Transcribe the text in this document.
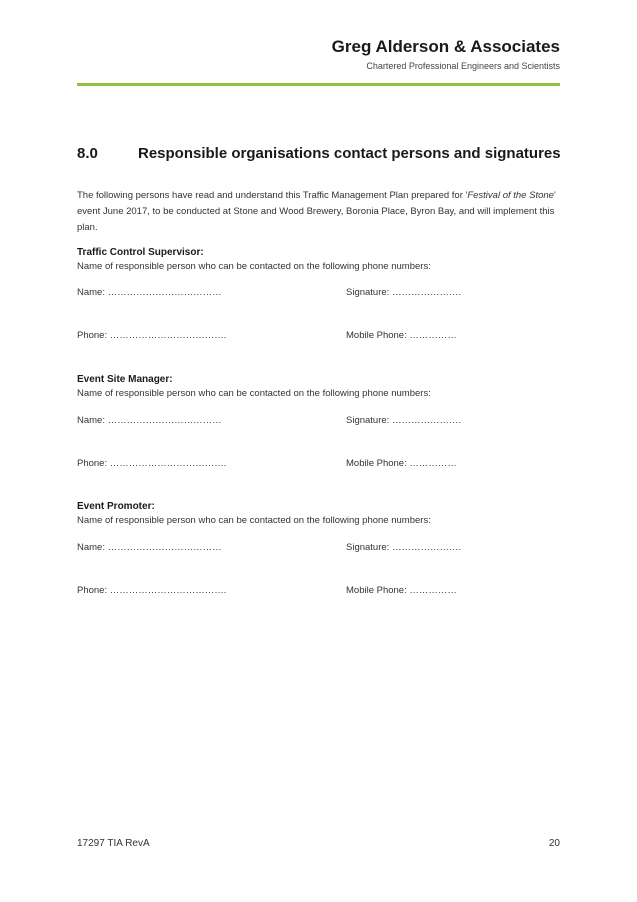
Greg Alderson & Associates
Chartered Professional Engineers and Scientists
8.0	Responsible organisations contact persons and signatures
The following persons have read and understand this Traffic Management Plan prepared for 'Festival of the Stone' event June 2017, to be conducted at Stone and Wood Brewery, Boronia Place, Byron Bay, and will implement this plan.
Traffic Control Supervisor:
Name of responsible person who can be contacted on the following phone numbers:
Name: ………………………………	Signature: ………………….
Phone: ……………………………….	Mobile Phone: ……………
Event Site Manager:
Name of responsible person who can be contacted on the following phone numbers:
Name: ………………………………	Signature: ………………….
Phone: ……………………………….	Mobile Phone: ……………
Event Promoter:
Name of responsible person who can be contacted on the following phone numbers:
Name: ………………………………	Signature: ………………….
Phone: ……………………………….	Mobile Phone: ……………
17297 TIA RevA	20
